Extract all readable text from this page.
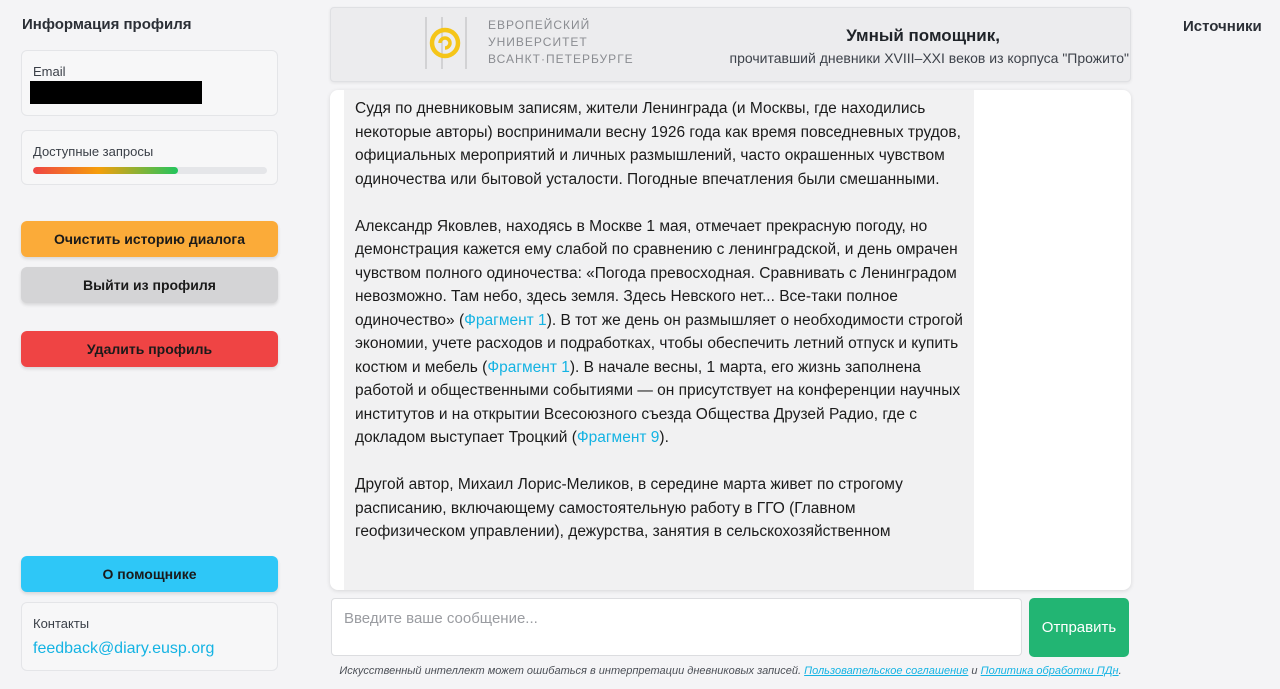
Информация профиля
Email
Доступные запросы
Очистить историю диалога
Выйти из профиля
Удалить профиль
О помощнике
Контакты
feedback@diary.eusp.org
ЕВРОПЕЙСКИЙ
УНИВЕРСИТЕТ
ВСАНКТ·ПЕТЕРБУРГЕ
Умный помощник,
прочитавший дневники XVIII–XXI веков из корпуса "Прожито"

Судя по дневниковым записям, жители Ленинграда (и Москвы, где находились некоторые авторы) воспринимали весну 1926 года как время повседневных трудов, официальных мероприятий и личных размышлений, часто окрашенных чувством одиночества или бытовой усталости. Погодные впечатления были смешанными.

Александр Яковлев, находясь в Москве 1 мая, отмечает прекрасную погоду, но демонстрация кажется ему слабой по сравнению с ленинградской, и день омрачен чувством полного одиночества: «Погода превосходная. Сравнивать с Ленинградом невозможно. Там небо, здесь земля. Здесь Невского нет... Все-таки полное одиночество» (Фрагмент 1). В тот же день он размышляет о необходимости строгой экономии, учете расходов и подработках, чтобы обеспечить летний отпуск и купить костюм и мебель (Фрагмент 1). В начале весны, 1 марта, его жизнь заполнена работой и общественными событиями — он присутствует на конференции научных институтов и на открытии Всесоюзного съезда Общества Друзей Радио, где с докладом выступает Троцкий (Фрагмент 9).

Другой автор, Михаил Лорис-Меликов, в середине марта живет по строгому расписанию, включающему самостоятельную работу в ГГО (Главном геофизическом управлении), дежурства, занятия в сельскохозяйственном

Источники
Введите ваше сообщение...
Отправить
Искусственный интеллект может ошибаться в интерпретации дневниковых записей. Пользовательское соглашение и Политика обработки ПДн.
